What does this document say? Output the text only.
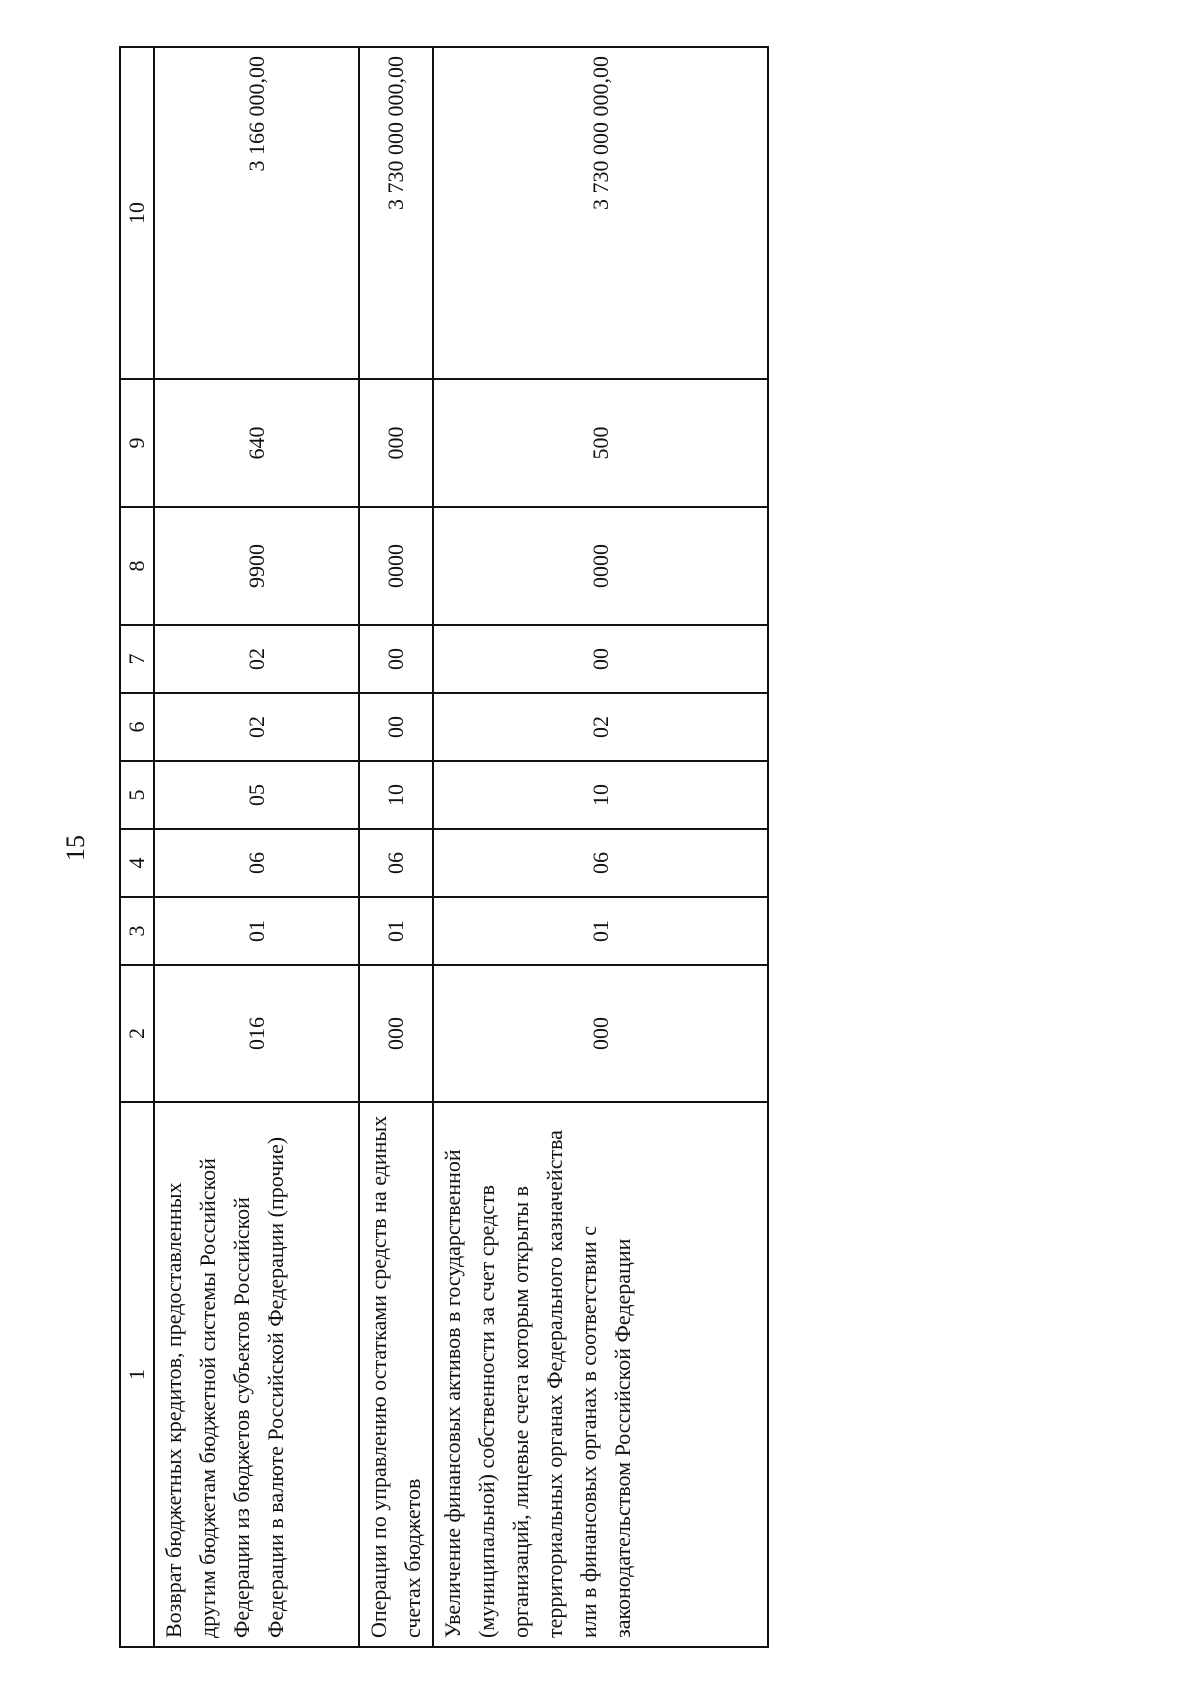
15
1	2	3	4	5	6	7	8	9	10
Возврат бюджетных кредитов, предоставленных другим бюджетам бюджетной системы Российской Федерации из бюджетов субъектов Российской Федерации в валюте Российской Федерации (прочие)	016	01	06	05	02	02	9900	640	3 166 000,00
Операции по управлению остатками средств на единых счетах бюджетов	000	01	06	10	00	00	0000	000	3 730 000 000,00
Увеличение финансовых активов в государственной (муниципальной) собственности за счет средств организаций, лицевые счета которым открыты в территориальных органах Федерального казначейства или в финансовых органах в соответствии с законодательством Российской Федерации	000	01	06	10	02	00	0000	500	3 730 000 000,00
